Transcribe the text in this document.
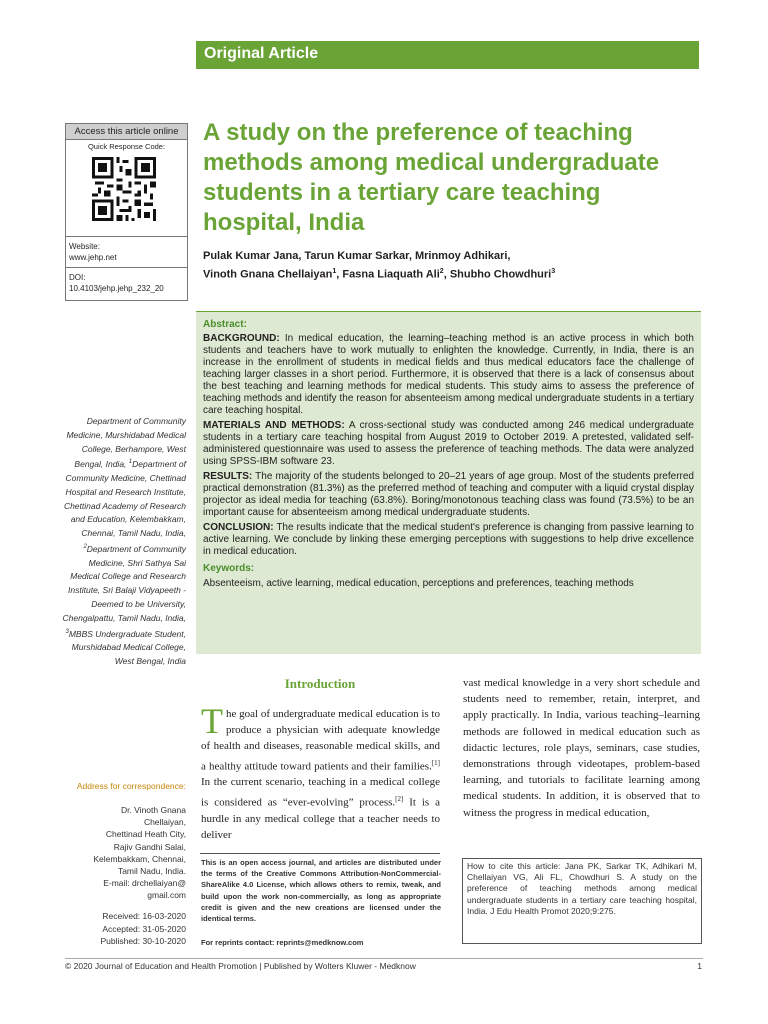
Original Article
Access this article online
Quick Response Code:
Website:
www.jehp.net
DOI:
10.4103/jehp.jehp_232_20
A study on the preference of teaching methods among medical undergraduate students in a tertiary care teaching hospital, India
Pulak Kumar Jana, Tarun Kumar Sarkar, Mrinmoy Adhikari,
Vinoth Gnana Chellaiyan$^1$, Fasna Liaquath Ali$^2$, Shubho Chowdhuri$^3$
Abstract:

BACKGROUND: In medical education, the learning–teaching method is an active process in which both students and teachers have to work mutually to enlighten the knowledge. Currently, in India, there is an increase in the enrollment of students in medical fields and thus medical educators face the challenge of teaching larger classes in a short period. Furthermore, it is observed that there is a lack of consensus about the best teaching and learning methods for medical students. This study aims to assess the preference of teaching methods and identify the reason for absenteeism among medical undergraduate students in a tertiary care teaching hospital.

MATERIALS AND METHODS: A cross-sectional study was conducted among 246 medical undergraduate students in a tertiary care teaching hospital from August 2019 to October 2019. A pretested, validated self-administered questionnaire was used to assess the preference of teaching methods. The data were analyzed using SPSS-IBM software 23.

RESULTS: The majority of the students belonged to 20–21 years of age group. Most of the students preferred practical demonstration (81.3%) as the preferred method of teaching and computer with a liquid crystal display projector as ideal media for teaching (63.8%). Boring/monotonous teaching class was found (73.5%) to be an important cause for absenteeism among medical undergraduate students.

CONCLUSION: The results indicate that the medical student's preference is changing from passive learning to active learning. We conclude by linking these emerging perceptions with suggestions to help drive excellence in medical education.

Keywords:
Absenteeism, active learning, medical education, perceptions and preferences, teaching methods
Department of Community Medicine, Murshidabad Medical College, Berhampore, West Bengal, India, $^1$Department of Community Medicine, Chettinad Hospital and Research Institute, Chettinad Academy of Research and Education, Kelembakkam, Chennai, Tamil Nadu, India, $^2$Department of Community Medicine, Shri Sathya Sai Medical College and Research Institute, Sri Balaji Vidyapeeth - Deemed to be University, Chengalpattu, Tamil Nadu, India, $^3$MBBS Undergraduate Student, Murshidabad Medical College, West Bengal, India
Address for correspondence:
Dr. Vinoth Gnana
Chellaiyan,
Chettinad Heath City,
Rajiv Gandhi Salai,
Kelembakkam, Chennai,
Tamil Nadu, India.
E-mail: drchellaiyan@
gmail.com
Received: 16-03-2020
Accepted: 31-05-2020
Published: 30-10-2020
Introduction
The goal of undergraduate medical education is to produce a physician with adequate knowledge of health and diseases, reasonable medical skills, and a healthy attitude toward patients and their families.[1] In the current scenario, teaching in a medical college is considered as “ever-evolving” process.[2] It is a hurdle in any medical college that a teacher needs to deliver
vast medical knowledge in a very short schedule and students need to remember, retain, interpret, and apply practically. In India, various teaching–learning methods are followed in medical education such as didactic lectures, role plays, seminars, case studies, demonstrations through videotapes, problem-based learning, and tutorials to facilitate learning among medical students. In addition, it is observed that to witness the progress in medical education,
This is an open access journal, and articles are distributed under the terms of the Creative Commons Attribution-NonCommercial-ShareAlike 4.0 License, which allows others to remix, tweak, and build upon the work non-commercially, as long as appropriate credit is given and the new creations are licensed under the identical terms.
For reprints contact: reprints@medknow.com
How to cite this article: Jana PK, Sarkar TK, Adhikari M, Chellaiyan VG, Ali FL, Chowdhuri S. A study on the preference of teaching methods among medical undergraduate students in a tertiary care teaching hospital, India. J Edu Health Promot 2020;9:275.
© 2020 Journal of Education and Health Promotion | Published by Wolters Kluwer - Medknow	1
